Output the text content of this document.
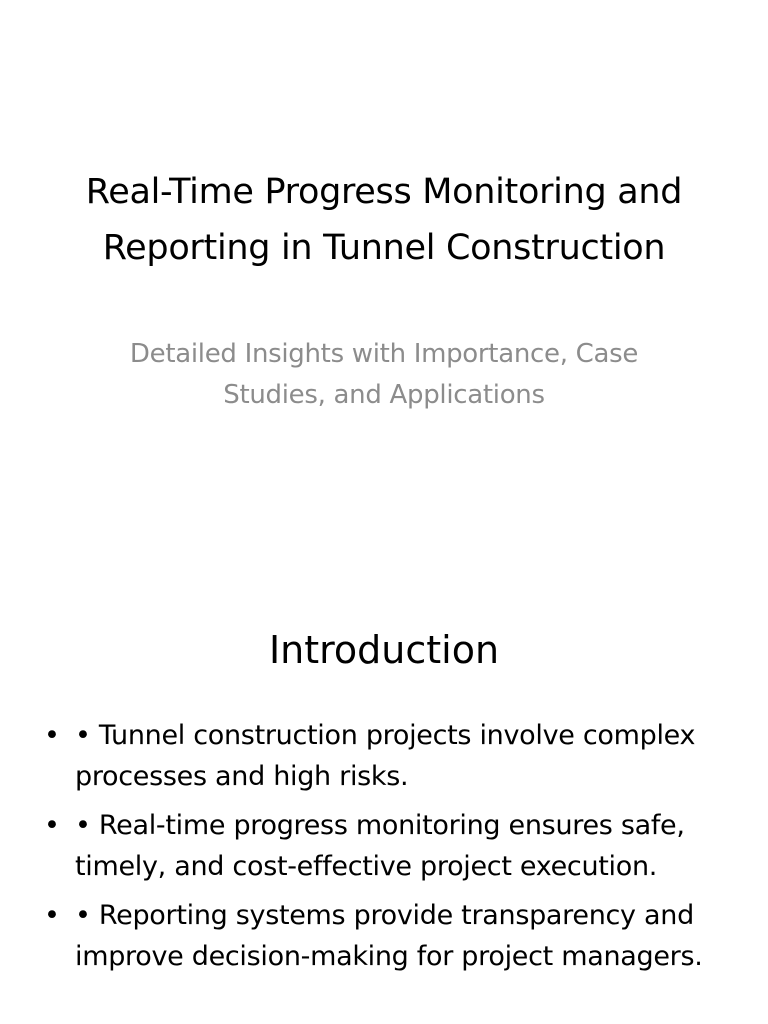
Real-Time Progress Monitoring and Reporting in Tunnel Construction

Detailed Insights with Importance, Case Studies, and Applications

Introduction
• • Tunnel construction projects involve complex processes and high risks.
• • Real-time progress monitoring ensures safe, timely, and cost-effective project execution.
• • Reporting systems provide transparency and improve decision-making for project managers.
